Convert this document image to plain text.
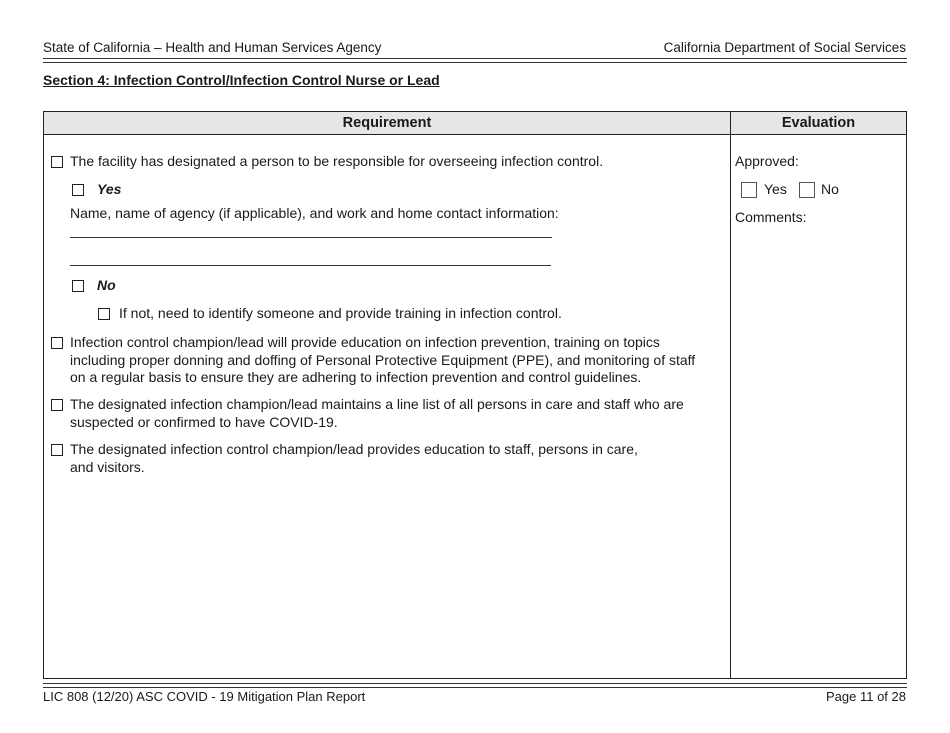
State of California – Health and Human Services Agency	California Department of Social Services
Section 4: Infection Control/Infection Control Nurse or Lead
Requirement	Evaluation
The facility has designated a person to be responsible for overseeing infection control.
Yes
Name, name of agency (if applicable), and work and home contact information:
No
If not, need to identify someone and provide training in infection control.
Infection control champion/lead will provide education on infection prevention, training on topics
including proper donning and doffing of Personal Protective Equipment (PPE), and monitoring of staff
on a regular basis to ensure they are adhering to infection prevention and control guidelines.
The designated infection champion/lead maintains a line list of all persons in care and staff who are
suspected or confirmed to have COVID-19.
The designated infection control champion/lead provides education to staff, persons in care,
and visitors.
Approved:
Yes No
Comments:
LIC 808 (12/20) ASC COVID - 19 Mitigation Plan Report	Page 11 of 28
